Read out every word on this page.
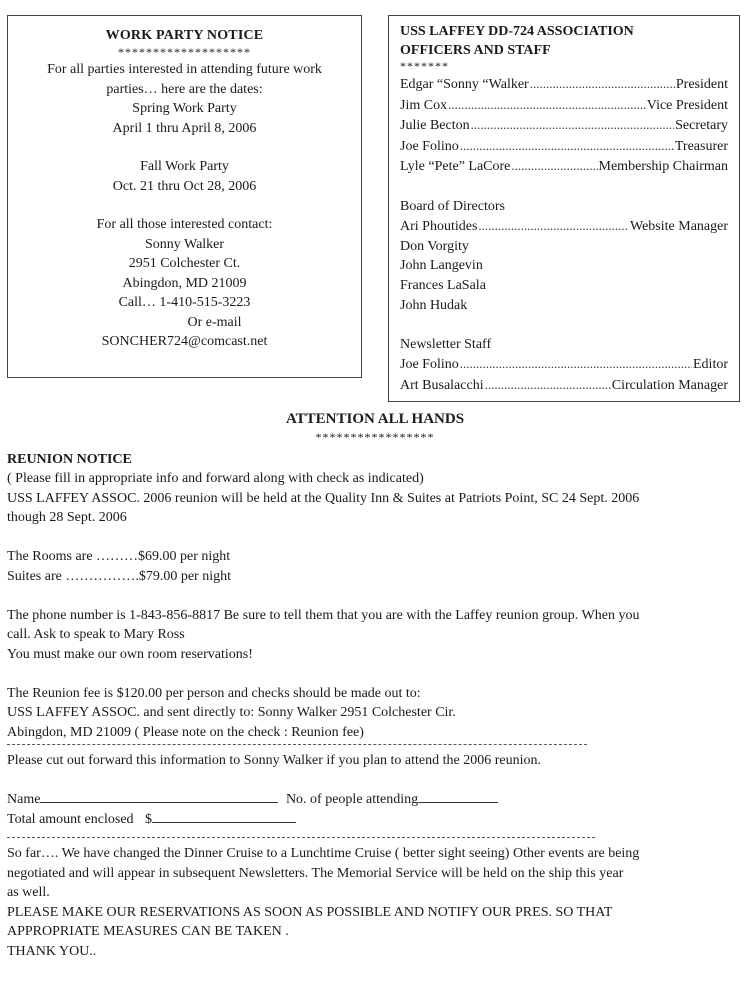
WORK PARTY NOTICE
*******************
For all parties interested in attending future work
parties… here are the dates:
Spring Work Party
April 1 thru April 8, 2006
Fall Work Party
Oct. 21 thru Oct 28, 2006
For all those interested contact:
Sonny Walker
2951 Colchester Ct.
Abingdon, MD 21009
Call… 1-410-515-3223
Or e-mail
SONCHER724@comcast.net
USS LAFFEY DD-724 ASSOCIATION
OFFICERS AND STAFF
*******
Edgar “Sonny “Walker .....	President
Jim Cox .....	Vice President
Julie Becton .....	Secretary
Joe Folino .....	Treasurer
Lyle “Pete” LaCore .....	Membership Chairman
Board of Directors
Ari Phoutides .....	Website Manager
Don Vorgity
John Langevin
Frances LaSala
John Hudak
Newsletter Staff
Joe Folino .....	Editor
Art Busalacchi .....	Circulation Manager
ATTENTION ALL HANDS
*****************
REUNION NOTICE
( Please fill in appropriate info and forward along with check as indicated)
USS LAFFEY ASSOC. 2006 reunion will be held at the Quality Inn & Suites at Patriots Point, SC 24 Sept. 2006
though 28 Sept. 2006
The Rooms are ………$69.00 per night
Suites are …………….$79.00 per night
The phone number is 1-843-856-8817 Be sure to tell them that you are with the Laffey reunion group. When you
call. Ask to speak to Mary Ross
You must make our own room reservations!
The Reunion fee is $120.00 per person and checks should be made out to:
USS LAFFEY ASSOC. and sent directly to: Sonny Walker 2951 Colchester Cir.
Abingdon, MD 21009 ( Please note on the check : Reunion fee)
Please cut out forward this information to Sonny Walker if you plan to attend the 2006 reunion.
Name	No. of people attending
Total amount enclosed $
So far…. We have changed the Dinner Cruise to a Lunchtime Cruise ( better sight seeing) Other events are being
negotiated and will appear in subsequent Newsletters. The Memorial Service will be held on the ship this year
as well.
PLEASE MAKE OUR RESERVATIONS AS SOON AS POSSIBLE AND NOTIFY OUR PRES. SO THAT
APPROPRIATE MEASURES CAN BE TAKEN .
THANK YOU..
